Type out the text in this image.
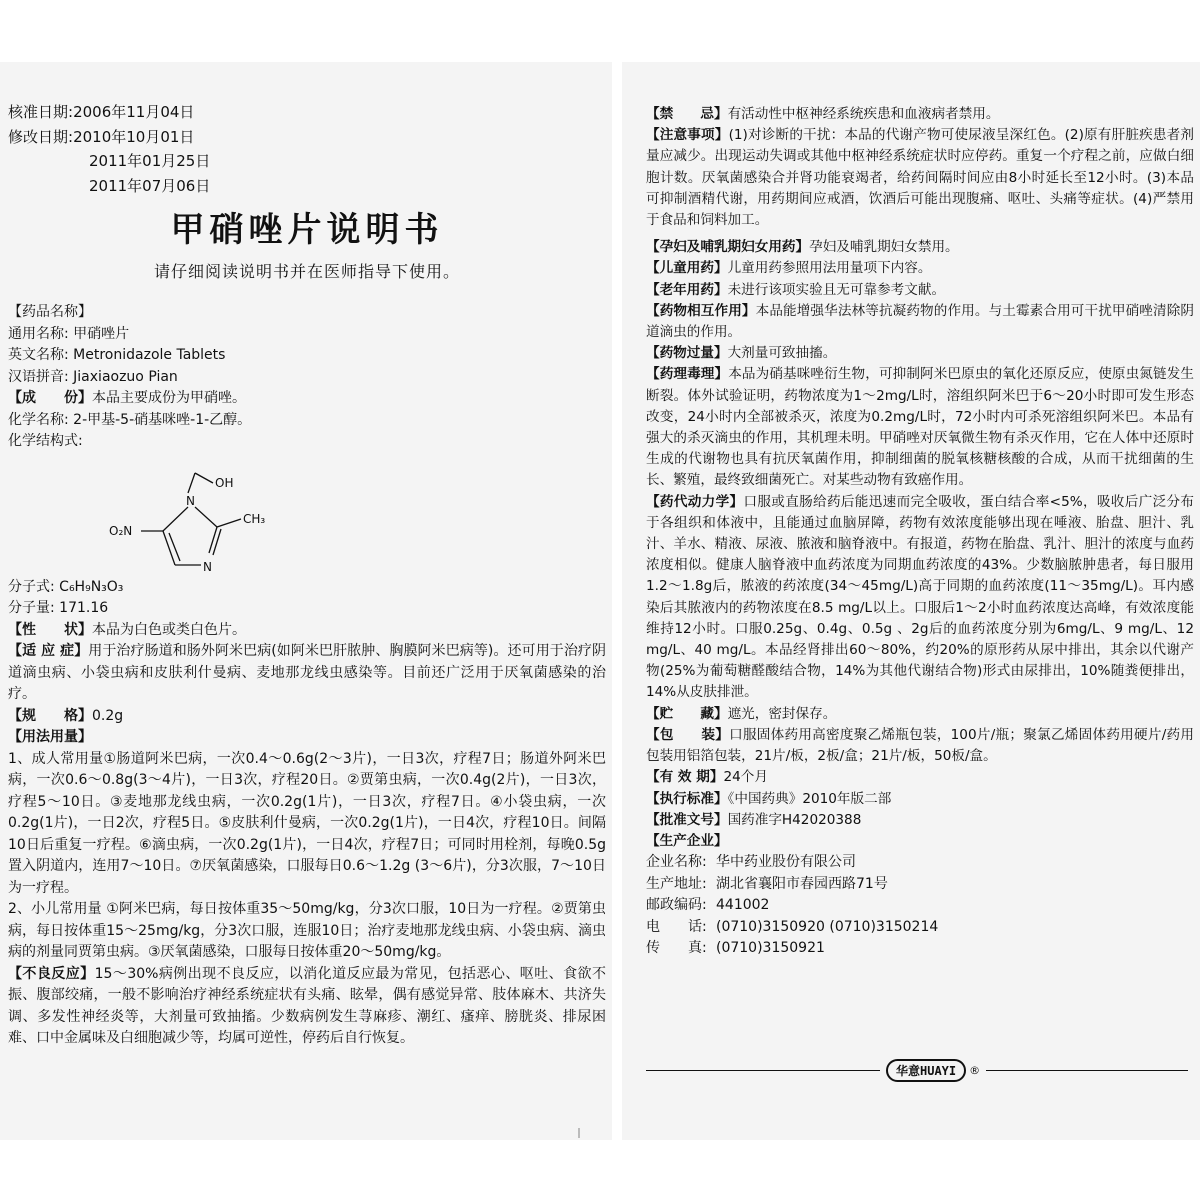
核准日期:2006年11月04日
修改日期:2010年10月01日
2011年01月25日
2011年07月06日
甲硝唑片说明书
请仔细阅读说明书并在医师指导下使用。
【药品名称】
通用名称: 甲硝唑片
英文名称: Metronidazole Tablets
汉语拼音: Jiaxiaozuo Pian
【成　　份】本品主要成份为甲硝唑。
化学名称: 2-甲基-5-硝基咪唑-1-乙醇。
化学结构式:
OH
N
N
O₂N
CH₃
分子式: C₆H₉N₃O₃
分子量: 171.16
【性　　状】本品为白色或类白色片。
【适 应 症】用于治疗肠道和肠外阿米巴病(如阿米巴肝脓肿、胸膜阿米巴病等)。还可用于治疗阴道滴虫病、小袋虫病和皮肤利什曼病、麦地那龙线虫感染等。目前还广泛用于厌氧菌感染的治疗。
【规　　格】0.2g
【用法用量】
1、成人常用量①肠道阿米巴病，一次0.4～0.6g(2～3片)，一日3次，疗程7日；肠道外阿米巴病，一次0.6～0.8g(3～4片)，一日3次，疗程20日。②贾第虫病，一次0.4g(2片)，一日3次，疗程5～10日。③麦地那龙线虫病，一次0.2g(1片)，一日3次，疗程7日。④小袋虫病，一次0.2g(1片)，一日2次，疗程5日。⑤皮肤利什曼病，一次0.2g(1片)，一日4次，疗程10日。间隔10日后重复一疗程。⑥滴虫病，一次0.2g(1片)，一日4次，疗程7日；可同时用栓剂，每晚0.5g置入阴道内，连用7～10日。⑦厌氧菌感染，口服每日0.6～1.2g (3～6片)，分3次服，7～10日为一疗程。
2、小儿常用量 ①阿米巴病，每日按体重35～50mg/kg，分3次口服，10日为一疗程。②贾第虫病，每日按体重15～25mg/kg，分3次口服，连服10日；治疗麦地那龙线虫病、小袋虫病、滴虫病的剂量同贾第虫病。③厌氧菌感染，口服每日按体重20～50mg/kg。
【不良反应】15～30%病例出现不良反应，以消化道反应最为常见，包括恶心、呕吐、食欲不振、腹部绞痛，一般不影响治疗神经系统症状有头痛、眩晕，偶有感觉异常、肢体麻木、共济失调、多发性神经炎等，大剂量可致抽搐。少数病例发生荨麻疹、潮红、瘙痒、膀胱炎、排尿困难、口中金属味及白细胞减少等，均属可逆性，停药后自行恢复。
【禁　　忌】有活动性中枢神经系统疾患和血液病者禁用。
【注意事项】(1)对诊断的干扰：本品的代谢产物可使尿液呈深红色。(2)原有肝脏疾患者剂量应减少。出现运动失调或其他中枢神经系统症状时应停药。重复一个疗程之前，应做白细胞计数。厌氧菌感染合并肾功能衰竭者，给药间隔时间应由8小时延长至12小时。(3)本品可抑制酒精代谢，用药期间应戒酒，饮酒后可能出现腹痛、呕吐、头痛等症状。(4)严禁用于食品和饲料加工。
【孕妇及哺乳期妇女用药】孕妇及哺乳期妇女禁用。
【儿童用药】儿童用药参照用法用量项下内容。
【老年用药】未进行该项实验且无可靠参考文献。
【药物相互作用】本品能增强华法林等抗凝药物的作用。与土霉素合用可干扰甲硝唑清除阴道滴虫的作用。
【药物过量】大剂量可致抽搐。
【药理毒理】本品为硝基咪唑衍生物，可抑制阿米巴原虫的氧化还原反应，使原虫氮链发生断裂。体外试验证明，药物浓度为1～2mg/L时，溶组织阿米巴于6～20小时即可发生形态改变，24小时内全部被杀灭，浓度为0.2mg/L时，72小时内可杀死溶组织阿米巴。本品有强大的杀灭滴虫的作用，其机理未明。甲硝唑对厌氧微生物有杀灭作用，它在人体中还原时生成的代谢物也具有抗厌氧菌作用，抑制细菌的脱氧核糖核酸的合成，从而干扰细菌的生长、繁殖，最终致细菌死亡。对某些动物有致癌作用。
【药代动力学】口服或直肠给药后能迅速而完全吸收，蛋白结合率<5%，吸收后广泛分布于各组织和体液中，且能通过血脑屏障，药物有效浓度能够出现在唾液、胎盘、胆汁、乳汁、羊水、精液、尿液、脓液和脑脊液中。有报道，药物在胎盘、乳汁、胆汁的浓度与血药浓度相似。健康人脑脊液中血药浓度为同期血药浓度的43%。少数脑脓肿患者，每日服用1.2～1.8g后，脓液的药浓度(34～45mg/L)高于同期的血药浓度(11～35mg/L)。耳内感染后其脓液内的药物浓度在8.5 mg/L以上。口服后1～2小时血药浓度达高峰，有效浓度能维持12小时。口服0.25g、0.4g、0.5g 、2g后的血药浓度分别为6mg/L、9 mg/L、12 mg/L、40 mg/L。本品经肾排出60～80%，约20%的原形药从尿中排出，其余以代谢产物(25%为葡萄糖醛酸结合物，14%为其他代谢结合物)形式由尿排出，10%随粪便排出，14%从皮肤排泄。
【贮　　藏】遮光，密封保存。
【包　　装】口服固体药用高密度聚乙烯瓶包装，100片/瓶；聚氯乙烯固体药用硬片/药用包装用铝箔包装，21片/板，2板/盒；21片/板，50板/盒。
【有 效 期】24个月
【执行标准】《中国药典》2010年版二部
【批准文号】国药准字H42020388
【生产企业】
企业名称: 华中药业股份有限公司
生产地址: 湖北省襄阳市春园西路71号
邮政编码: 441002
电　　话: (0710)3150920 (0710)3150214
传　　真: (0710)3150921
华意HUAYI	®
